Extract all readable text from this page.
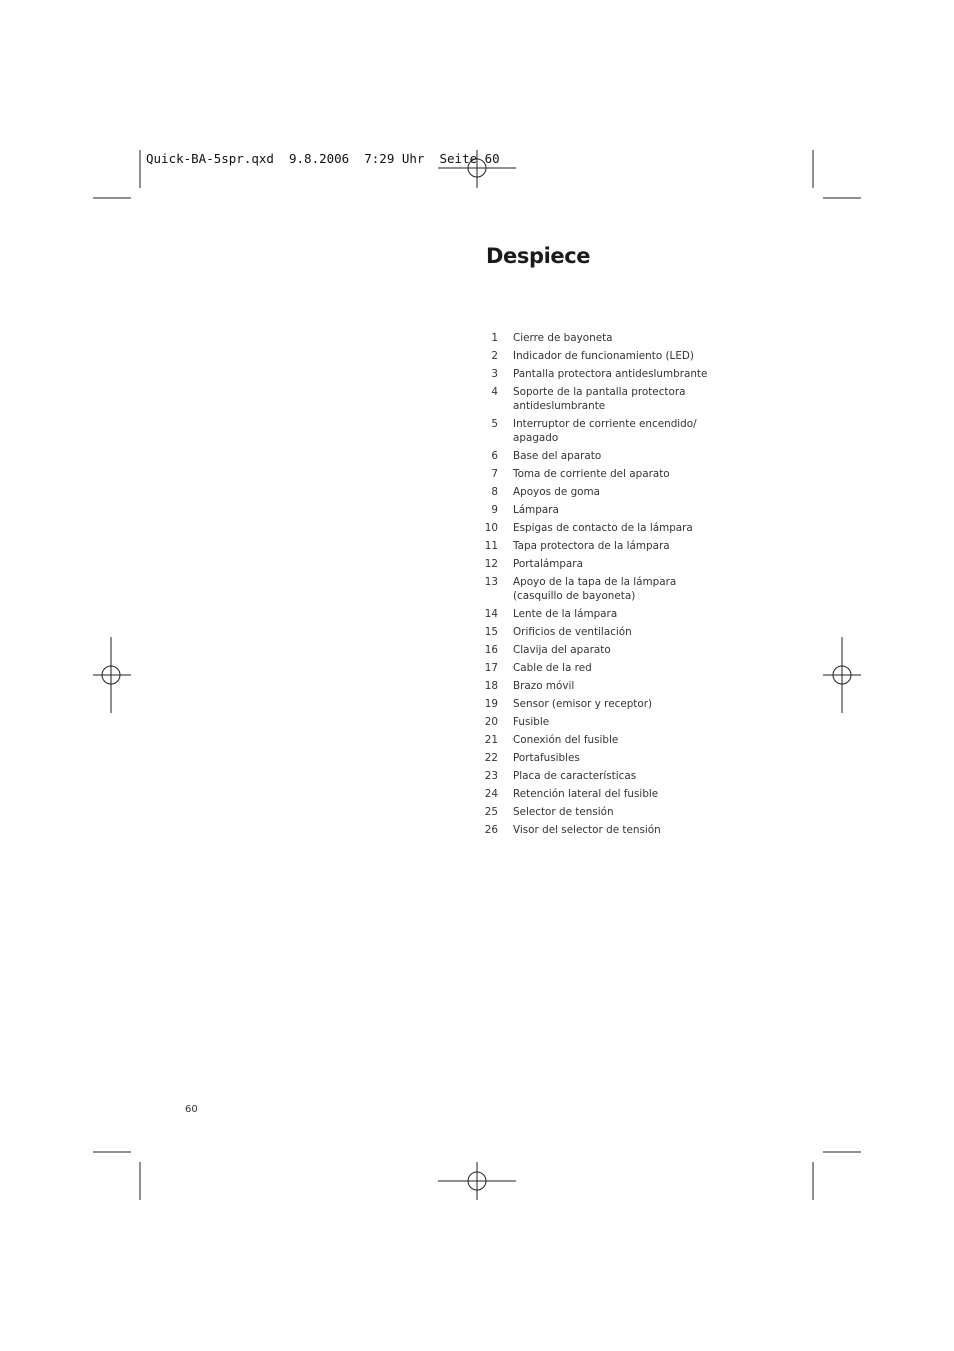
Quick-BA-5spr.qxd  9.8.2006  7:29 Uhr  Seite 60
Despiece
1 Cierre de bayoneta
2 Indicador de funcionamiento (LED)
3 Pantalla protectora antideslumbrante
4 Soporte de la pantalla protectora antideslumbrante
5 Interruptor de corriente encendido/ apagado
6 Base del aparato
7 Toma de corriente del aparato
8 Apoyos de goma
9 Lámpara
10 Espigas de contacto de la lámpara
11 Tapa protectora de la lámpara
12 Portalámpara
13 Apoyo de la tapa de la lámpara (casquillo de bayoneta)
14 Lente de la lámpara
15 Orificios de ventilación
16 Clavija del aparato
17 Cable de la red
18 Brazo móvil
19 Sensor (emisor y receptor)
20 Fusible
21 Conexión del fusible
22 Portafusibles
23 Placa de características
24 Retención lateral del fusible
25 Selector de tensión
26 Visor del selector de tensión
60
